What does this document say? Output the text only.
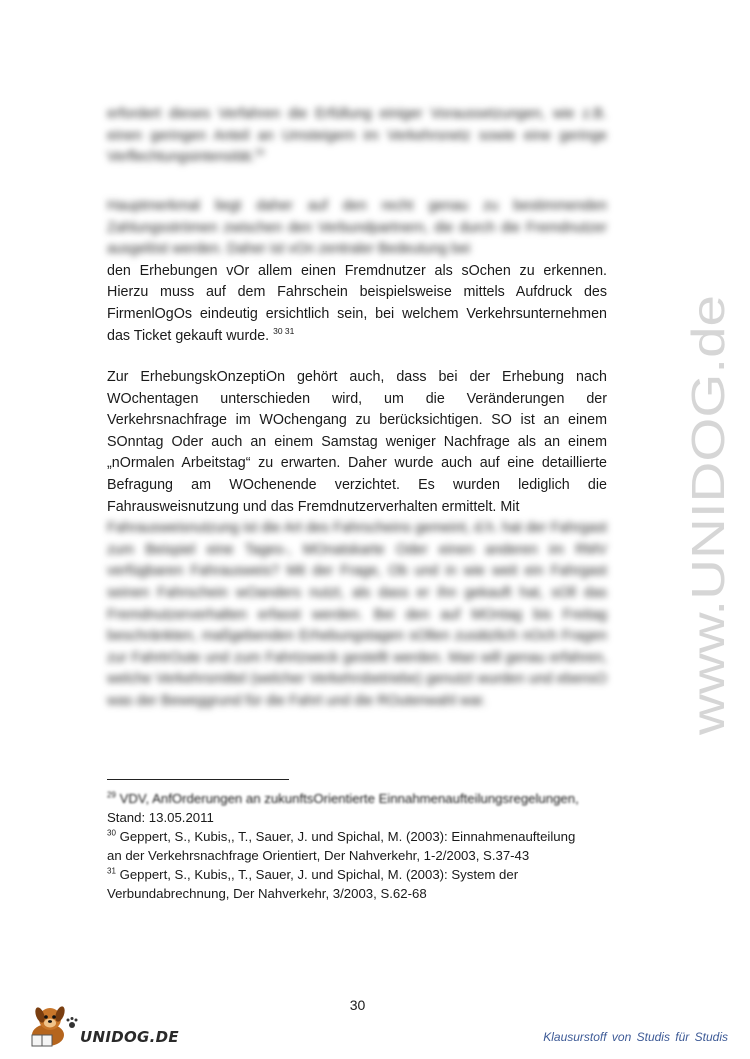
erfordert dieses Verfahren die Erfüllung einiger Voraussetzungen, wie z.B. einen geringen Anteil an Umsteigern im Verkehrsnetz sowie eine geringe Verflechtungsintensität.$^{29}$
Hauptmerkmal liegt daher auf den recht genau zu bestimmenden Zahlungsströmen zwischen den Verbundpartnern, die durch die Fremdnutzer ausgelöst werden. Daher ist vOn zentraler Bedeutung bei
den Erhebungen vOr allem einen Fremdnutzer als sOchen zu erkennen. Hierzu muss auf dem Fahrschein beispielsweise mittels Aufdruck des FirmenlOgOs eindeutig ersichtlich sein, bei welchem Verkehrsunternehmen das Ticket gekauft wurde. $^{30 31}$
Zur ErhebungskOnzeptiOn gehört auch, dass bei der Erhebung nach WOchentagen unterschieden wird, um die Veränderungen der Verkehrsnachfrage im WOchengang zu berücksichtigen. SO ist an einem SOnntag Oder auch an einem Samstag weniger Nachfrage als an einem „nOrmalen Arbeitstag“ zu erwarten. Daher wurde auch auf eine detaillierte Befragung am WOchenende verzichtet. Es wurden lediglich die Fahrausweisnutzung und das Fremdnutzerverhalten ermittelt. Mit
Fahrausweisnutzung ist die Art des Fahrscheins gemeint, d.h. hat der Fahrgast zum Beispiel eine Tages-, MOnatskarte Oder einen anderen im RMV verfügbaren Fahrausweis? Mit der Frage, Ob und in wie weit ein Fahrgast seinen Fahrschein wOanders nutzt, als dass er ihn gekauft hat, sOll das Fremdnutzerverhalten erfasst werden. Bei den auf MOntag bis Freitag beschränkten, maßgebenden Erhebungstagen sOllen zusätzlich nOch Fragen zur FahrtrOute und zum Fahrtzweck gestellt werden. Man will genau erfahren, welche Verkehrsmittel (welcher Verkehrsbetriebe) genutzt wurden und ebensO was der Beweggrund für die Fahrt und die ROutenwahl war.	www.UNIDOG.de
$^{29}$ VDV, AnfOrderungen an zukunftsOrientierte Einnahmenaufteilungsregelungen,
Stand: 13.05.2011
$^{30}$ Geppert, S., Kubis,, T., Sauer, J. und Spichal, M. (2003): Einnahmenaufteilung
an der Verkehrsnachfrage Orientiert, Der Nahverkehr, 1-2/2003, S.37-43
$^{31}$ Geppert, S., Kubis,, T., Sauer, J. und Spichal, M. (2003): System der
Verbundabrechnung, Der Nahverkehr, 3/2003, S.62-68
30
UNIDOG.DE	Klausurstoff von Studis für Studis
